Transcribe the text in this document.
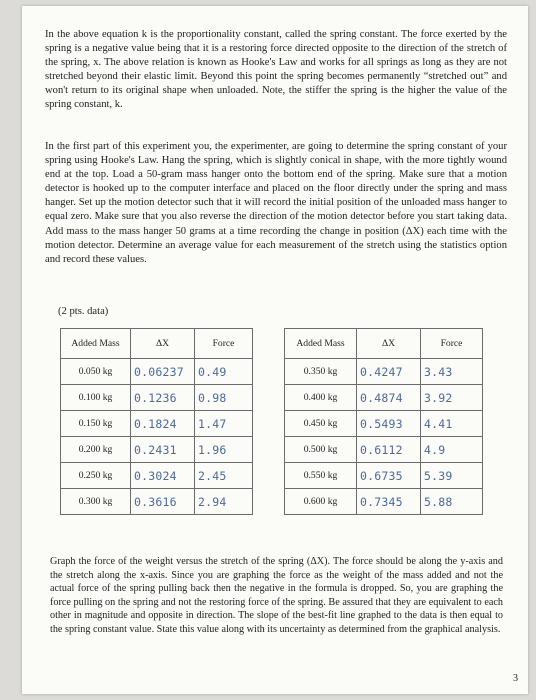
In the above equation k is the proportionality constant, called the spring constant. The force exerted by the spring is a negative value being that it is a restoring force directed opposite to the direction of the stretch of the spring, x. The above relation is known as Hooke's Law and works for all springs as long as they are not stretched beyond their elastic limit. Beyond this point the spring becomes permanently “stretched out” and won't return to its original shape when unloaded. Note, the stiffer the spring is the higher the value of the spring constant, k.

In the first part of this experiment you, the experimenter, are going to determine the spring constant of your spring using Hooke's Law. Hang the spring, which is slightly conical in shape, with the more tightly wound end at the top. Load a 50-gram mass hanger onto the bottom end of the spring. Make sure that a motion detector is hooked up to the computer interface and placed on the floor directly under the spring and mass hanger. Set up the motion detector such that it will record the initial position of the unloaded mass hanger to equal zero. Make sure that you also reverse the direction of the motion detector before you start taking data. Add mass to the mass hanger 50 grams at a time recording the change in position (ΔX) each time with the motion detector. Determine an average value for each measurement of the stretch using the statistics option and record these values.

(2 pts. data)
Added Mass	ΔX	Force
0.050 kg	0.06237	0.49
0.100 kg	0.1236	0.98
0.150 kg	0.1824	1.47
0.200 kg	0.2431	1.96
0.250 kg	0.3024	2.45
0.300 kg	0.3616	2.94
Added Mass	ΔX	Force
0.350 kg	0.4247	3.43
0.400 kg	0.4874	3.92
0.450 kg	0.5493	4.41
0.500 kg	0.6112	4.9
0.550 kg	0.6735	5.39
0.600 kg	0.7345	5.88

Graph the force of the weight versus the stretch of the spring (ΔX). The force should be along the y-axis and the stretch along the x-axis. Since you are graphing the force as the weight of the mass added and not the actual force of the spring pulling back then the negative in the formula is dropped. So, you are graphing the force pulling on the spring and not the restoring force of the spring. Be assured that they are equivalent to each other in magnitude and opposite in direction. The slope of the best-fit line graphed to the data is then equal to the spring constant value. State this value along with its uncertainty as determined from the graphical analysis.

3
